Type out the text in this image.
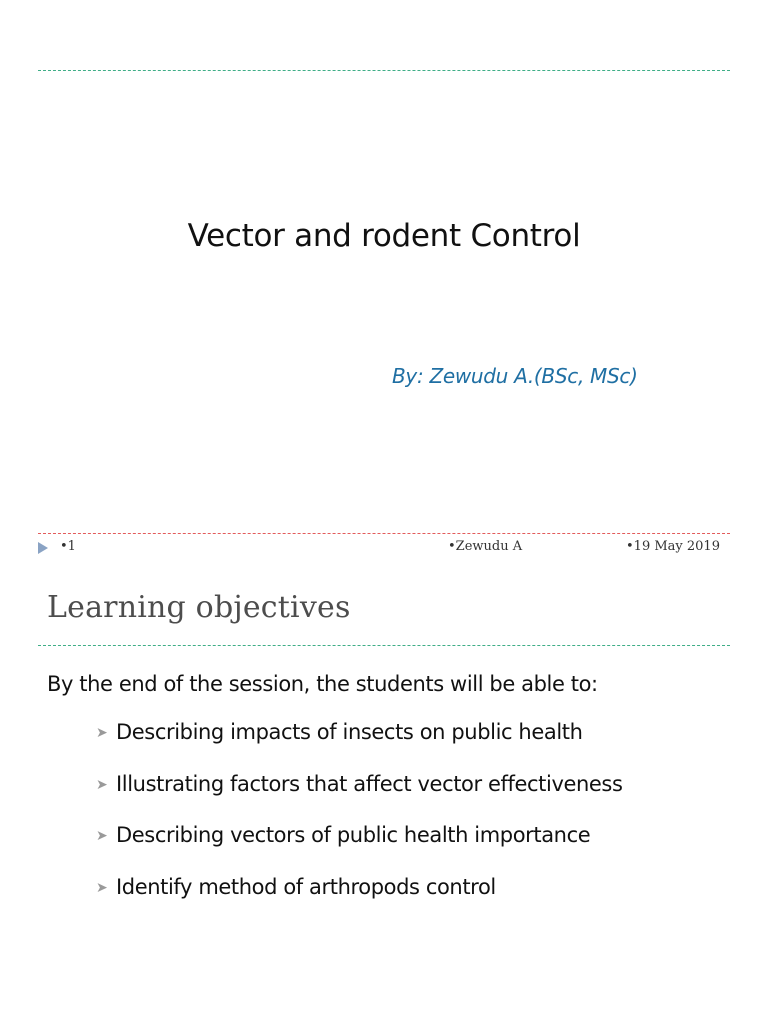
Vector and rodent Control
By: Zewudu A.(BSc, MSc)
•1	•Zewudu A	•19 May 2019
Learning objectives
By the end of the session, the students will be able to:
➤ Describing impacts of insects on public health
➤ Illustrating factors that affect vector effectiveness
➤ Describing vectors of public health importance
➤ Identify method of arthropods control
